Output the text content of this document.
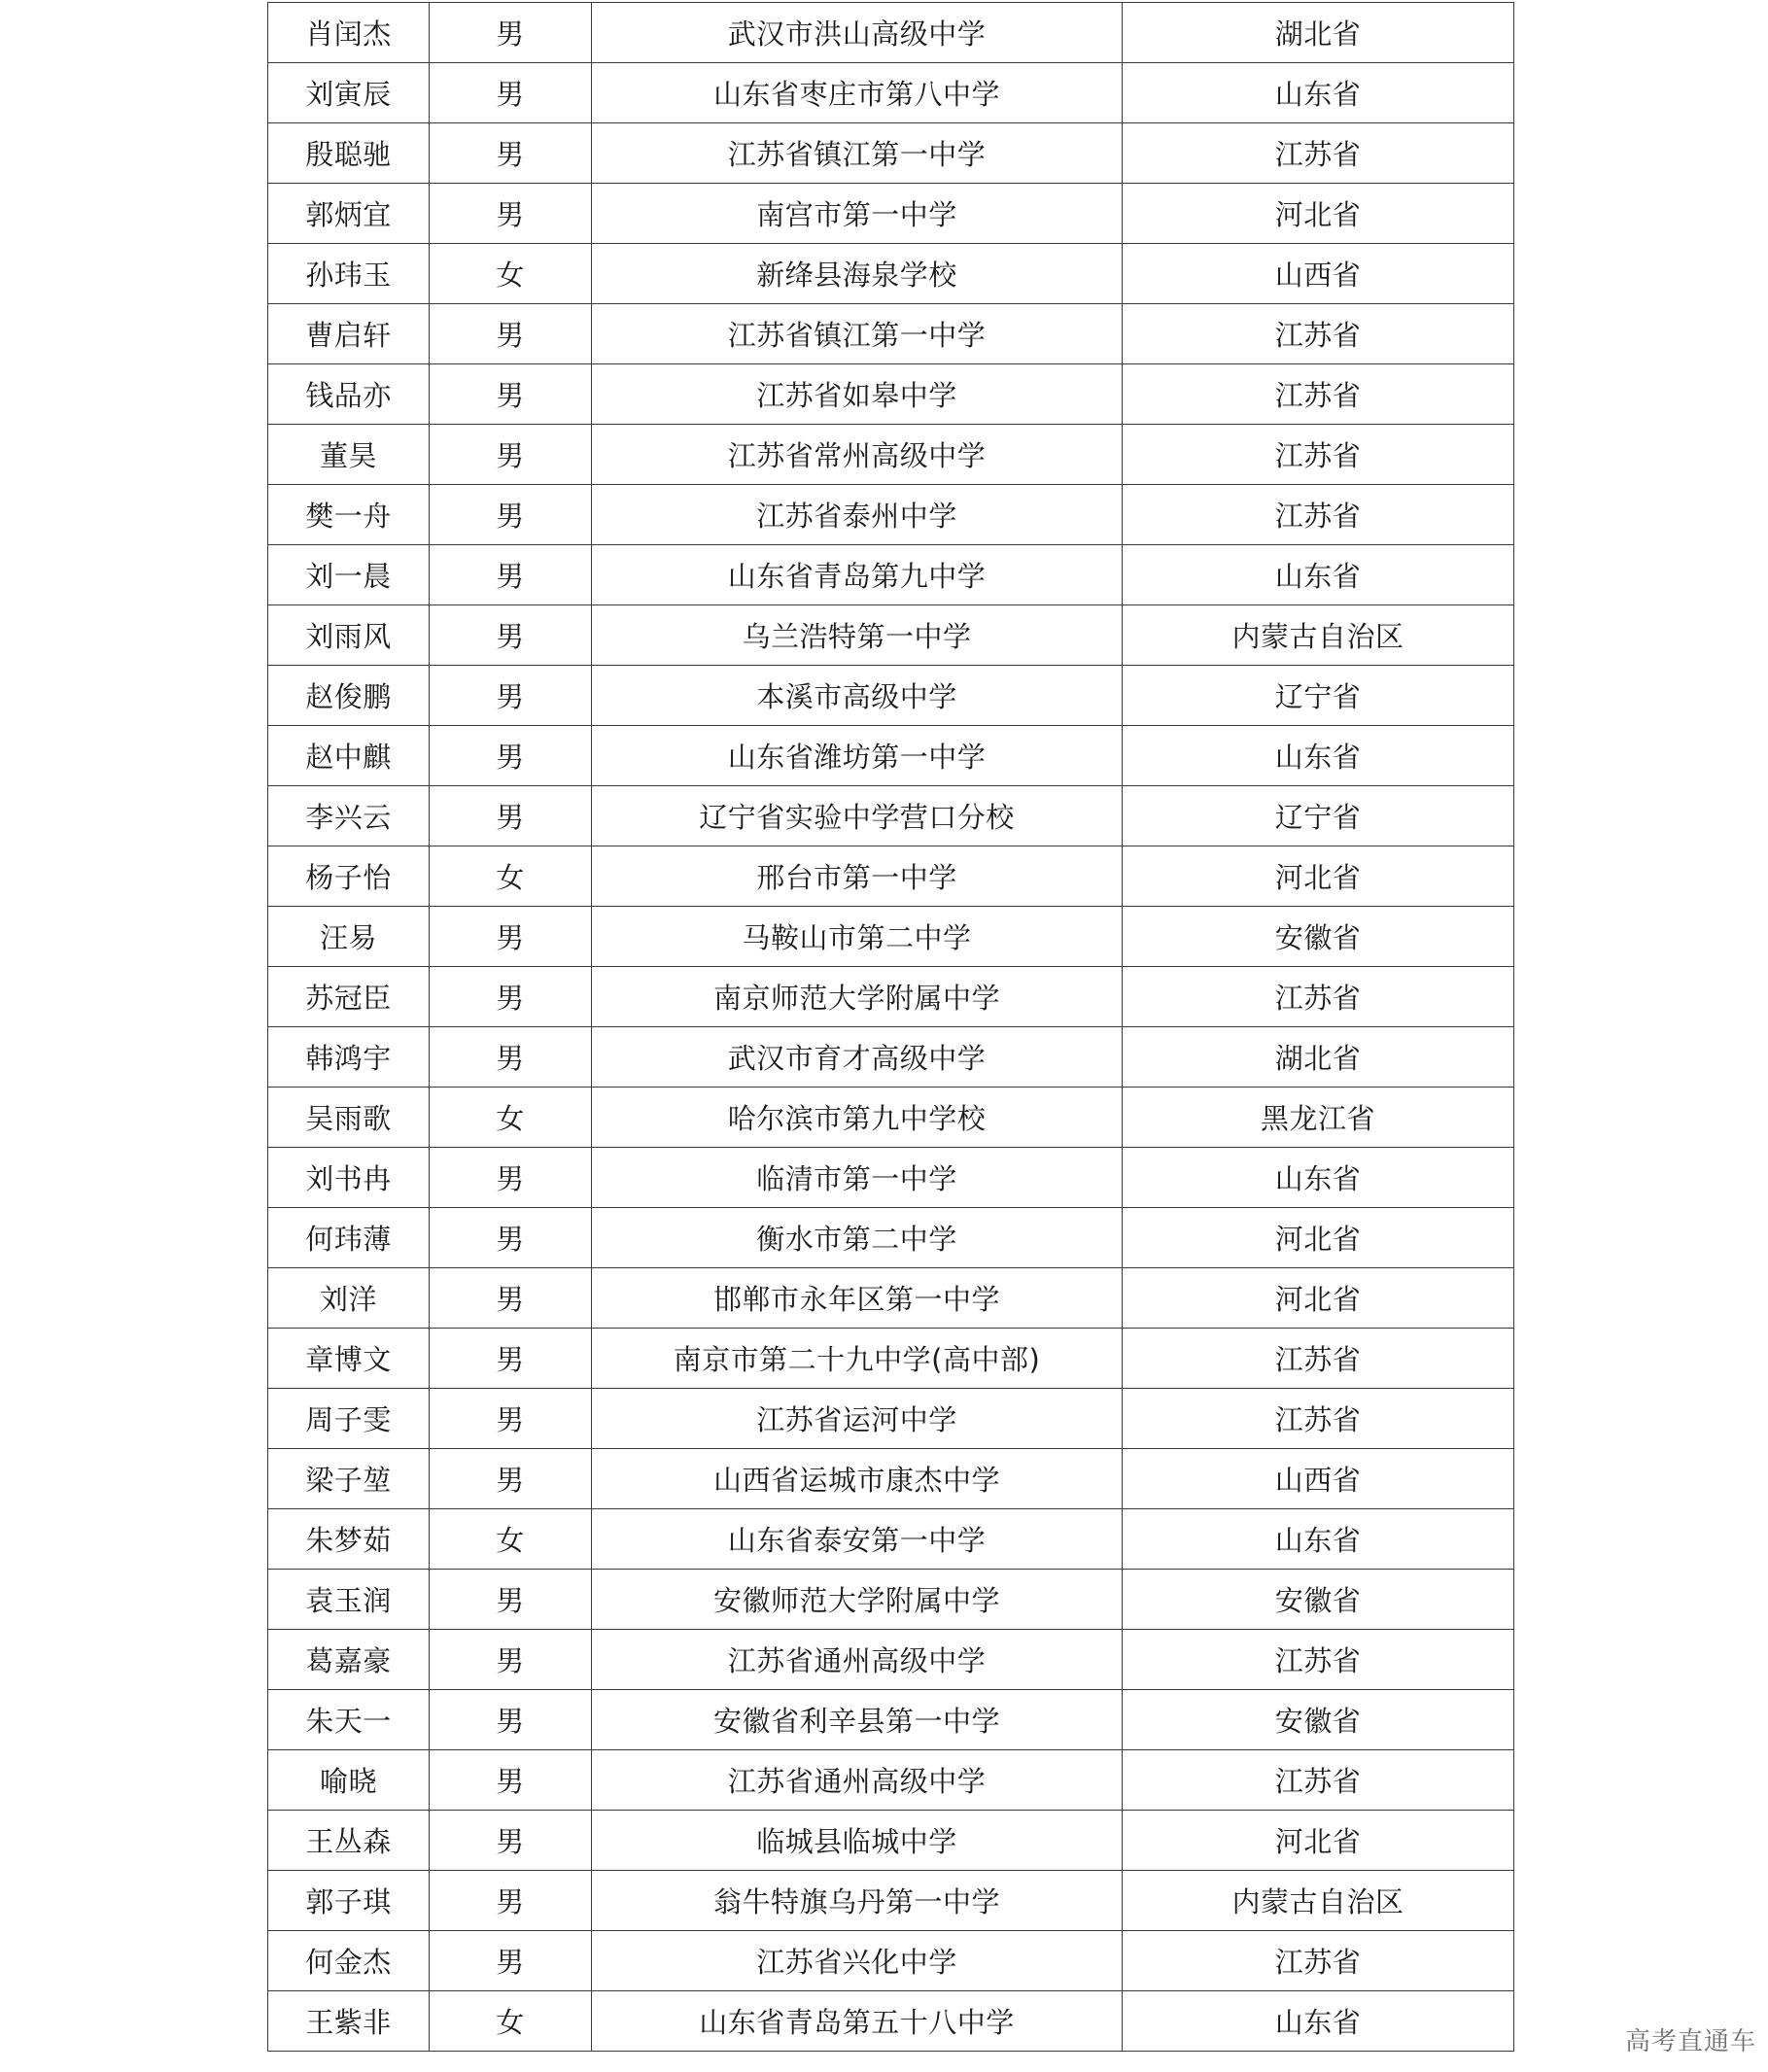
肖闰杰	男	武汉市洪山高级中学	湖北省
刘寅辰	男	山东省枣庄市第八中学	山东省
殷聪驰	男	江苏省镇江第一中学	江苏省
郭炳宜	男	南宫市第一中学	河北省
孙玮玉	女	新绛县海泉学校	山西省
曹启轩	男	江苏省镇江第一中学	江苏省
钱品亦	男	江苏省如皋中学	江苏省
董昊	男	江苏省常州高级中学	江苏省
樊一舟	男	江苏省泰州中学	江苏省
刘一晨	男	山东省青岛第九中学	山东省
刘雨风	男	乌兰浩特第一中学	内蒙古自治区
赵俊鹏	男	本溪市高级中学	辽宁省
赵中麒	男	山东省潍坊第一中学	山东省
李兴云	男	辽宁省实验中学营口分校	辽宁省
杨子怡	女	邢台市第一中学	河北省
汪易	男	马鞍山市第二中学	安徽省
苏冠臣	男	南京师范大学附属中学	江苏省
韩鸿宇	男	武汉市育才高级中学	湖北省
吴雨歌	女	哈尔滨市第九中学校	黑龙江省
刘书冉	男	临清市第一中学	山东省
何玮薄	男	衡水市第二中学	河北省
刘洋	男	邯郸市永年区第一中学	河北省
章博文	男	南京市第二十九中学(高中部)	江苏省
周子雯	男	江苏省运河中学	江苏省
梁子堃	男	山西省运城市康杰中学	山西省
朱梦茹	女	山东省泰安第一中学	山东省
袁玉润	男	安徽师范大学附属中学	安徽省
葛嘉豪	男	江苏省通州高级中学	江苏省
朱天一	男	安徽省利辛县第一中学	安徽省
喻晓	男	江苏省通州高级中学	江苏省
王丛森	男	临城县临城中学	河北省
郭子琪	男	翁牛特旗乌丹第一中学	内蒙古自治区
何金杰	男	江苏省兴化中学	江苏省
王紫非	女	山东省青岛第五十八中学	山东省
高考直通车
